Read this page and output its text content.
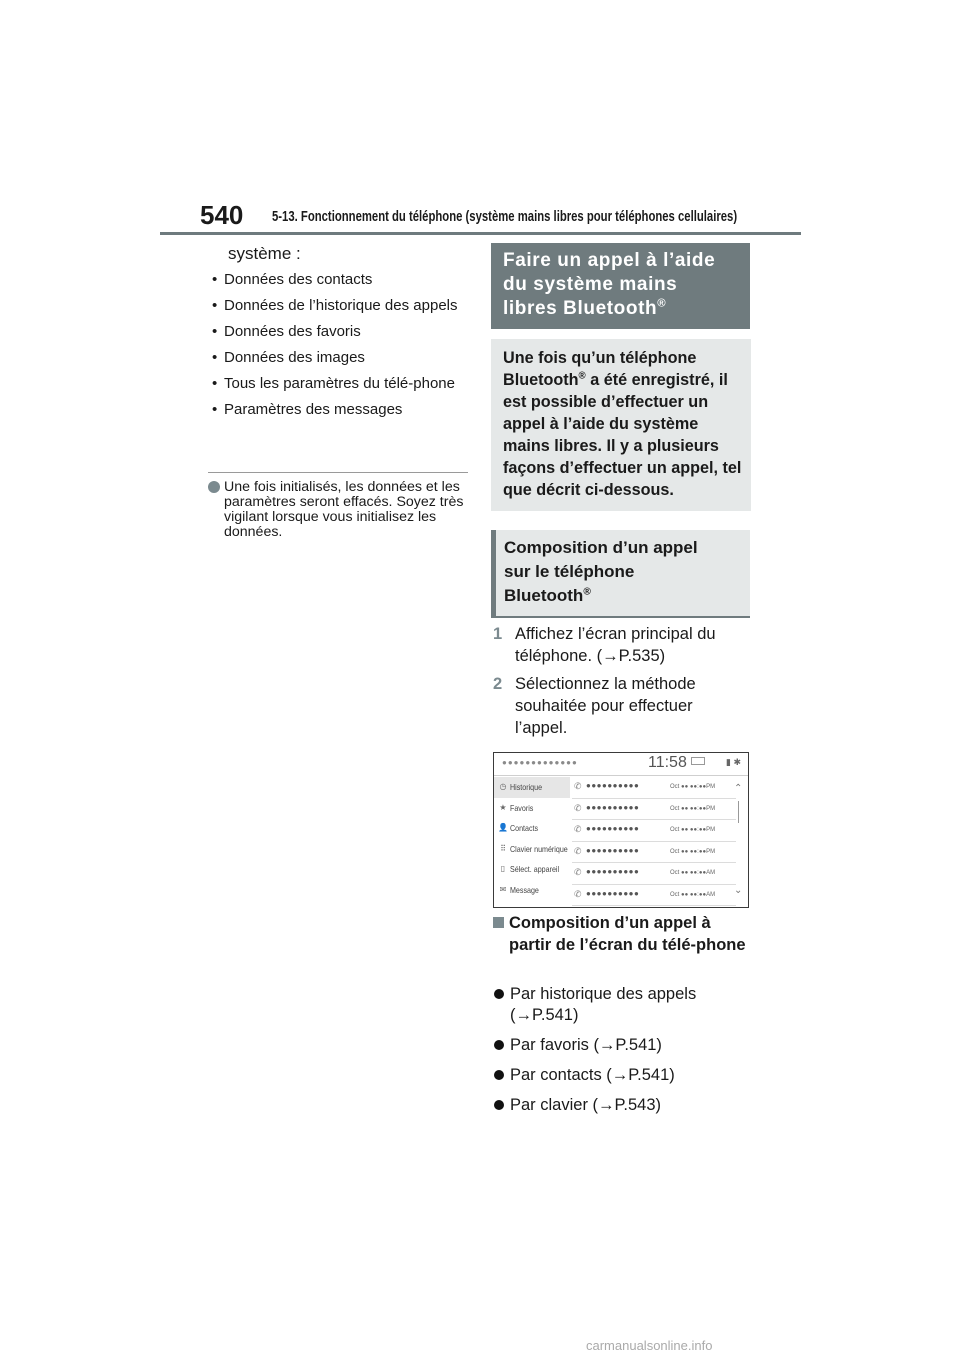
540 5-13. Fonctionnement du téléphone (système mains libres pour téléphones cellulaires)
système :
• Données des contacts
• Données de l’historique des appels
• Données des favoris
• Données des images
• Tous les paramètres du télé-phone
• Paramètres des messages
Une fois initialisés, les données et les paramètres seront effacés. Soyez très vigilant lorsque vous initialisez les données.
Faire un appel à l’aide
du système mains
libres Bluetooth®
Une fois qu’un téléphone Bluetooth® a été enregistré, il est possible d’effectuer un appel à l’aide du système mains libres. Il y a plusieurs façons d’effectuer un appel, tel que décrit ci-dessous.
Composition d’un appel
sur le téléphone
Bluetooth®
1 Affichez l’écran principal du téléphone. (→P.535)
2 Sélectionnez la méthode souhaitée pour effectuer l’appel.
●●●●●●●●●●●●●	11:58	▮ ✱
◷ Historique
★ Favoris
👤 Contacts
⠿ Clavier numérique
▯ Sélect. appareil
✉ Message
✆ ●●●●●●●●●●	Oct ●● ●●:●●PM
✆ ●●●●●●●●●●	Oct ●● ●●:●●PM
✆ ●●●●●●●●●●	Oct ●● ●●:●●PM
✆ ●●●●●●●●●●	Oct ●● ●●:●●PM
✆ ●●●●●●●●●●	Oct ●● ●●:●●AM
✆ ●●●●●●●●●●	Oct ●● ●●:●●AM
⌃
⌄
Composition d’un appel à partir de l’écran du télé-phone
Par historique des appels (→P.541)
Par favoris (→P.541)
Par contacts (→P.541)
Par clavier (→P.543)
carmanualsonline.info
